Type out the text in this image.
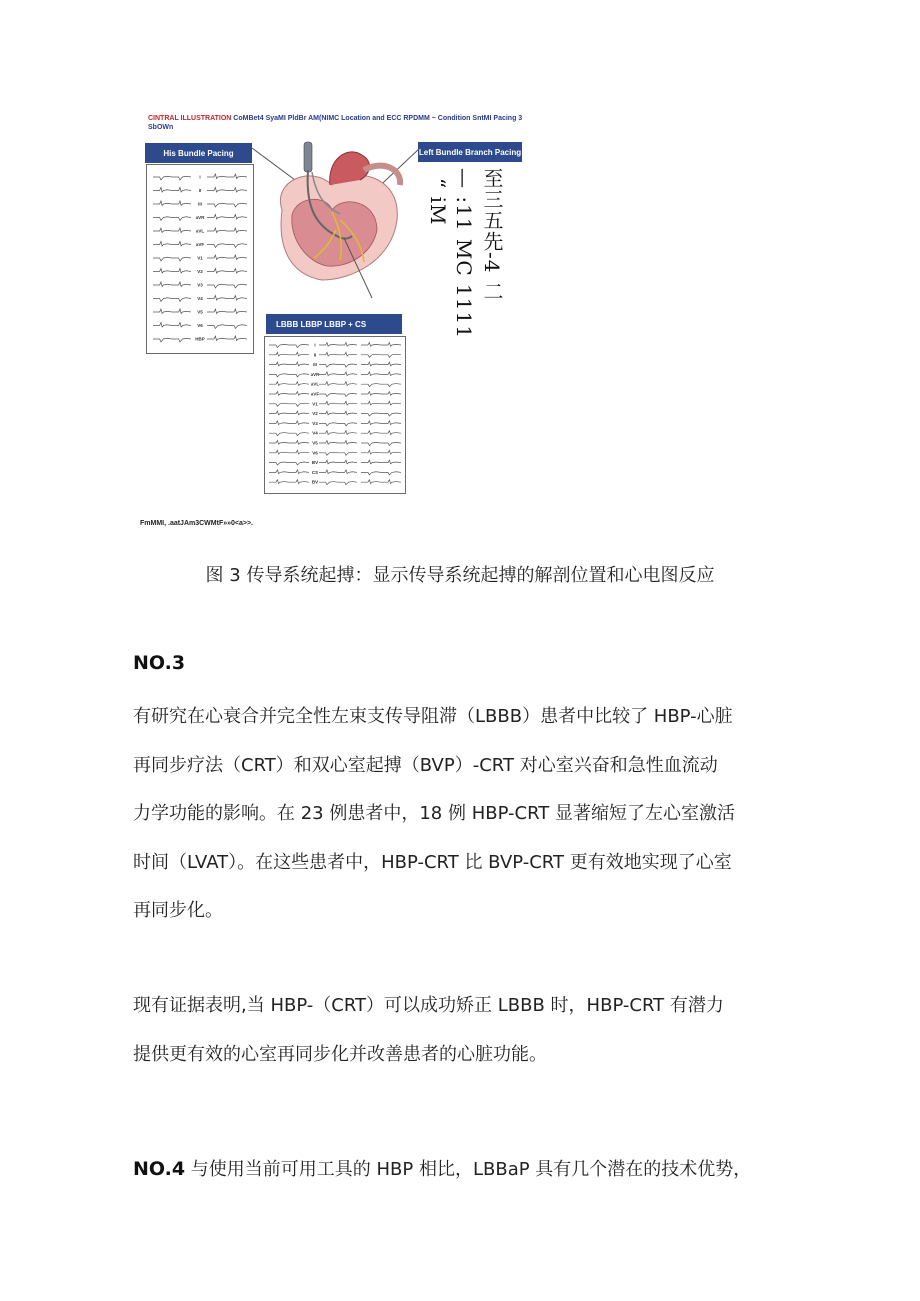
CINTRAL ILLUSTRATION CoMBet4 SyaMI PldBr AM(NIMC Location and ECC RPDMM ~ Condition SntMI Pacing 3 SbOWn
His Bundle Pacing
I
II
III
aVR
aVL
aVF
V1
V2
V3
V4
V5
V6
HBP
Left Bundle Branch Pacing
至三五先-4 二
— :11 MC 1111
“ iM
LBBB LBBP LBBP + CS
I
II
III
aVR
aVL
aVF
V1
V2
V3
V4
V5
V6
BV
CS
BV
FmMMI, .aatJAm3CWMtF»»0<a>>.
图 3 传导系统起搏：显示传导系统起搏的解剖位置和心电图反应
NO.3
有研究在心衰合并完全性左束支传导阻滞（LBBB）患者中比较了 HBP-心脏
再同步疗法（CRT）和双心室起搏（BVP）-CRT 对心室兴奋和急性血流动
力学功能的影响。在 23 例患者中，18 例 HBP-CRT 显著缩短了左心室激活
时间（LVAT）。在这些患者中，HBP-CRT 比 BVP-CRT 更有效地实现了心室
再同步化。
现有证据表明,当 HBP-（CRT）可以成功矫正 LBBB 时，HBP-CRT 有潜力
提供更有效的心室再同步化并改善患者的心脏功能。
NO.4 与使用当前可用工具的 HBP 相比，LBBaP 具有几个潜在的技术优势，
